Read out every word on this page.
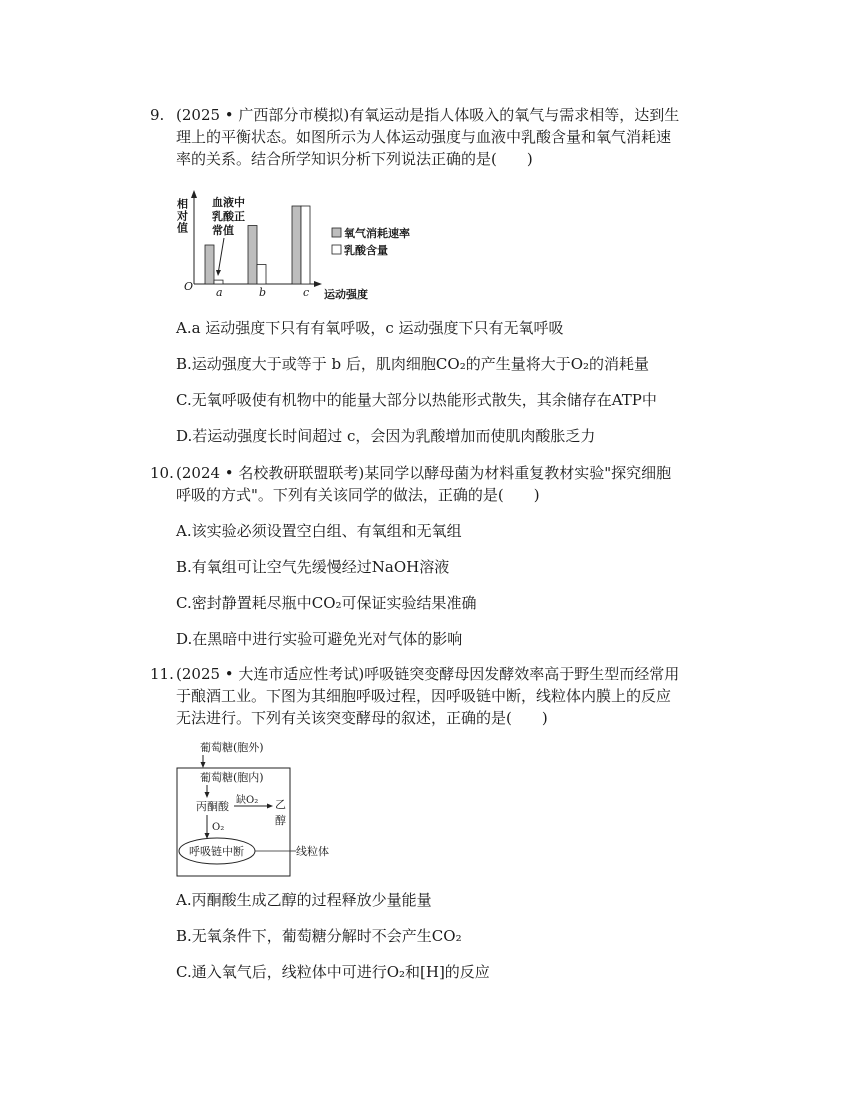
9. (2025 • 广西部分市模拟)有氧运动是指人体吸入的氧气与需求相等，达到生
理上的平衡状态。如图所示为人体运动强度与血液中乳酸含量和氧气消耗速
率的关系。结合所学知识分析下列说法正确的是(　　)
相对值
O
血液中
乳酸正
常值
a	b	c 运动强度
氧气消耗速率
乳酸含量
A.a 运动强度下只有有氧呼吸，c 运动强度下只有无氧呼吸
B.运动强度大于或等于 b 后，肌肉细胞CO₂的产生量将大于O₂的消耗量
C.无氧呼吸使有机物中的能量大部分以热能形式散失，其余储存在ATP中
D.若运动强度长时间超过 c，会因为乳酸增加而使肌肉酸胀乏力
10. (2024 • 名校教研联盟联考)某同学以酵母菌为材料重复教材实验"探究细胞
呼吸的方式"。下列有关该同学的做法，正确的是(　　)
A.该实验必须设置空白组、有氧组和无氧组
B.有氧组可让空气先缓慢经过NaOH溶液
C.密封静置耗尽瓶中CO₂可保证实验结果准确
D.在黑暗中进行实验可避免光对气体的影响
11. (2025 • 大连市适应性考试)呼吸链突变酵母因发酵效率高于野生型而经常用
于酿酒工业。下图为其细胞呼吸过程，因呼吸链中断，线粒体内膜上的反应
无法进行。下列有关该突变酵母的叙述，正确的是(　　)
葡萄糖(胞外)
葡萄糖(胞内)
丙酮酸 缺O₂ 乙
醇
O₂
呼吸链中断	线粒体
A.丙酮酸生成乙醇的过程释放少量能量
B.无氧条件下，葡萄糖分解时不会产生CO₂
C.通入氧气后，线粒体中可进行O₂和[H]的反应
